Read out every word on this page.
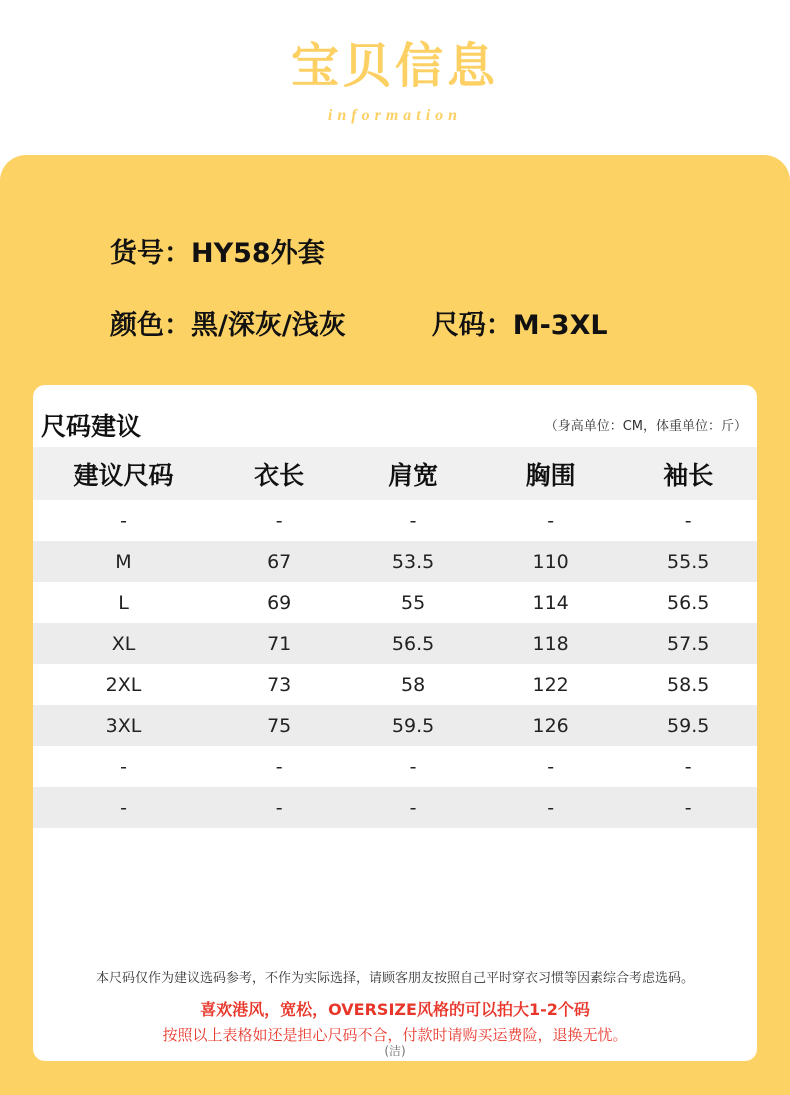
宝贝信息
information
货号：HY58外套
颜色：黑/深灰/浅灰	尺码：M-3XL
尺码建议	（身高单位：CM，体重单位：斤）
建议尺码	衣长	肩宽	胸围	袖长
-	-	-	-	-
M	67	53.5	110	55.5
L	69	55	114	56.5
XL	71	56.5	118	57.5
2XL	73	58	122	58.5
3XL	75	59.5	126	59.5
-	-	-	-	-
-	-	-	-	-
本尺码仅作为建议选码参考，不作为实际选择，请顾客朋友按照自己平时穿衣习惯等因素综合考虑选码。
喜欢港风，宽松，OVERSIZE风格的可以拍大1-2个码
按照以上表格如还是担心尺码不合，付款时请购买运费险，退换无忧。
(洁)
